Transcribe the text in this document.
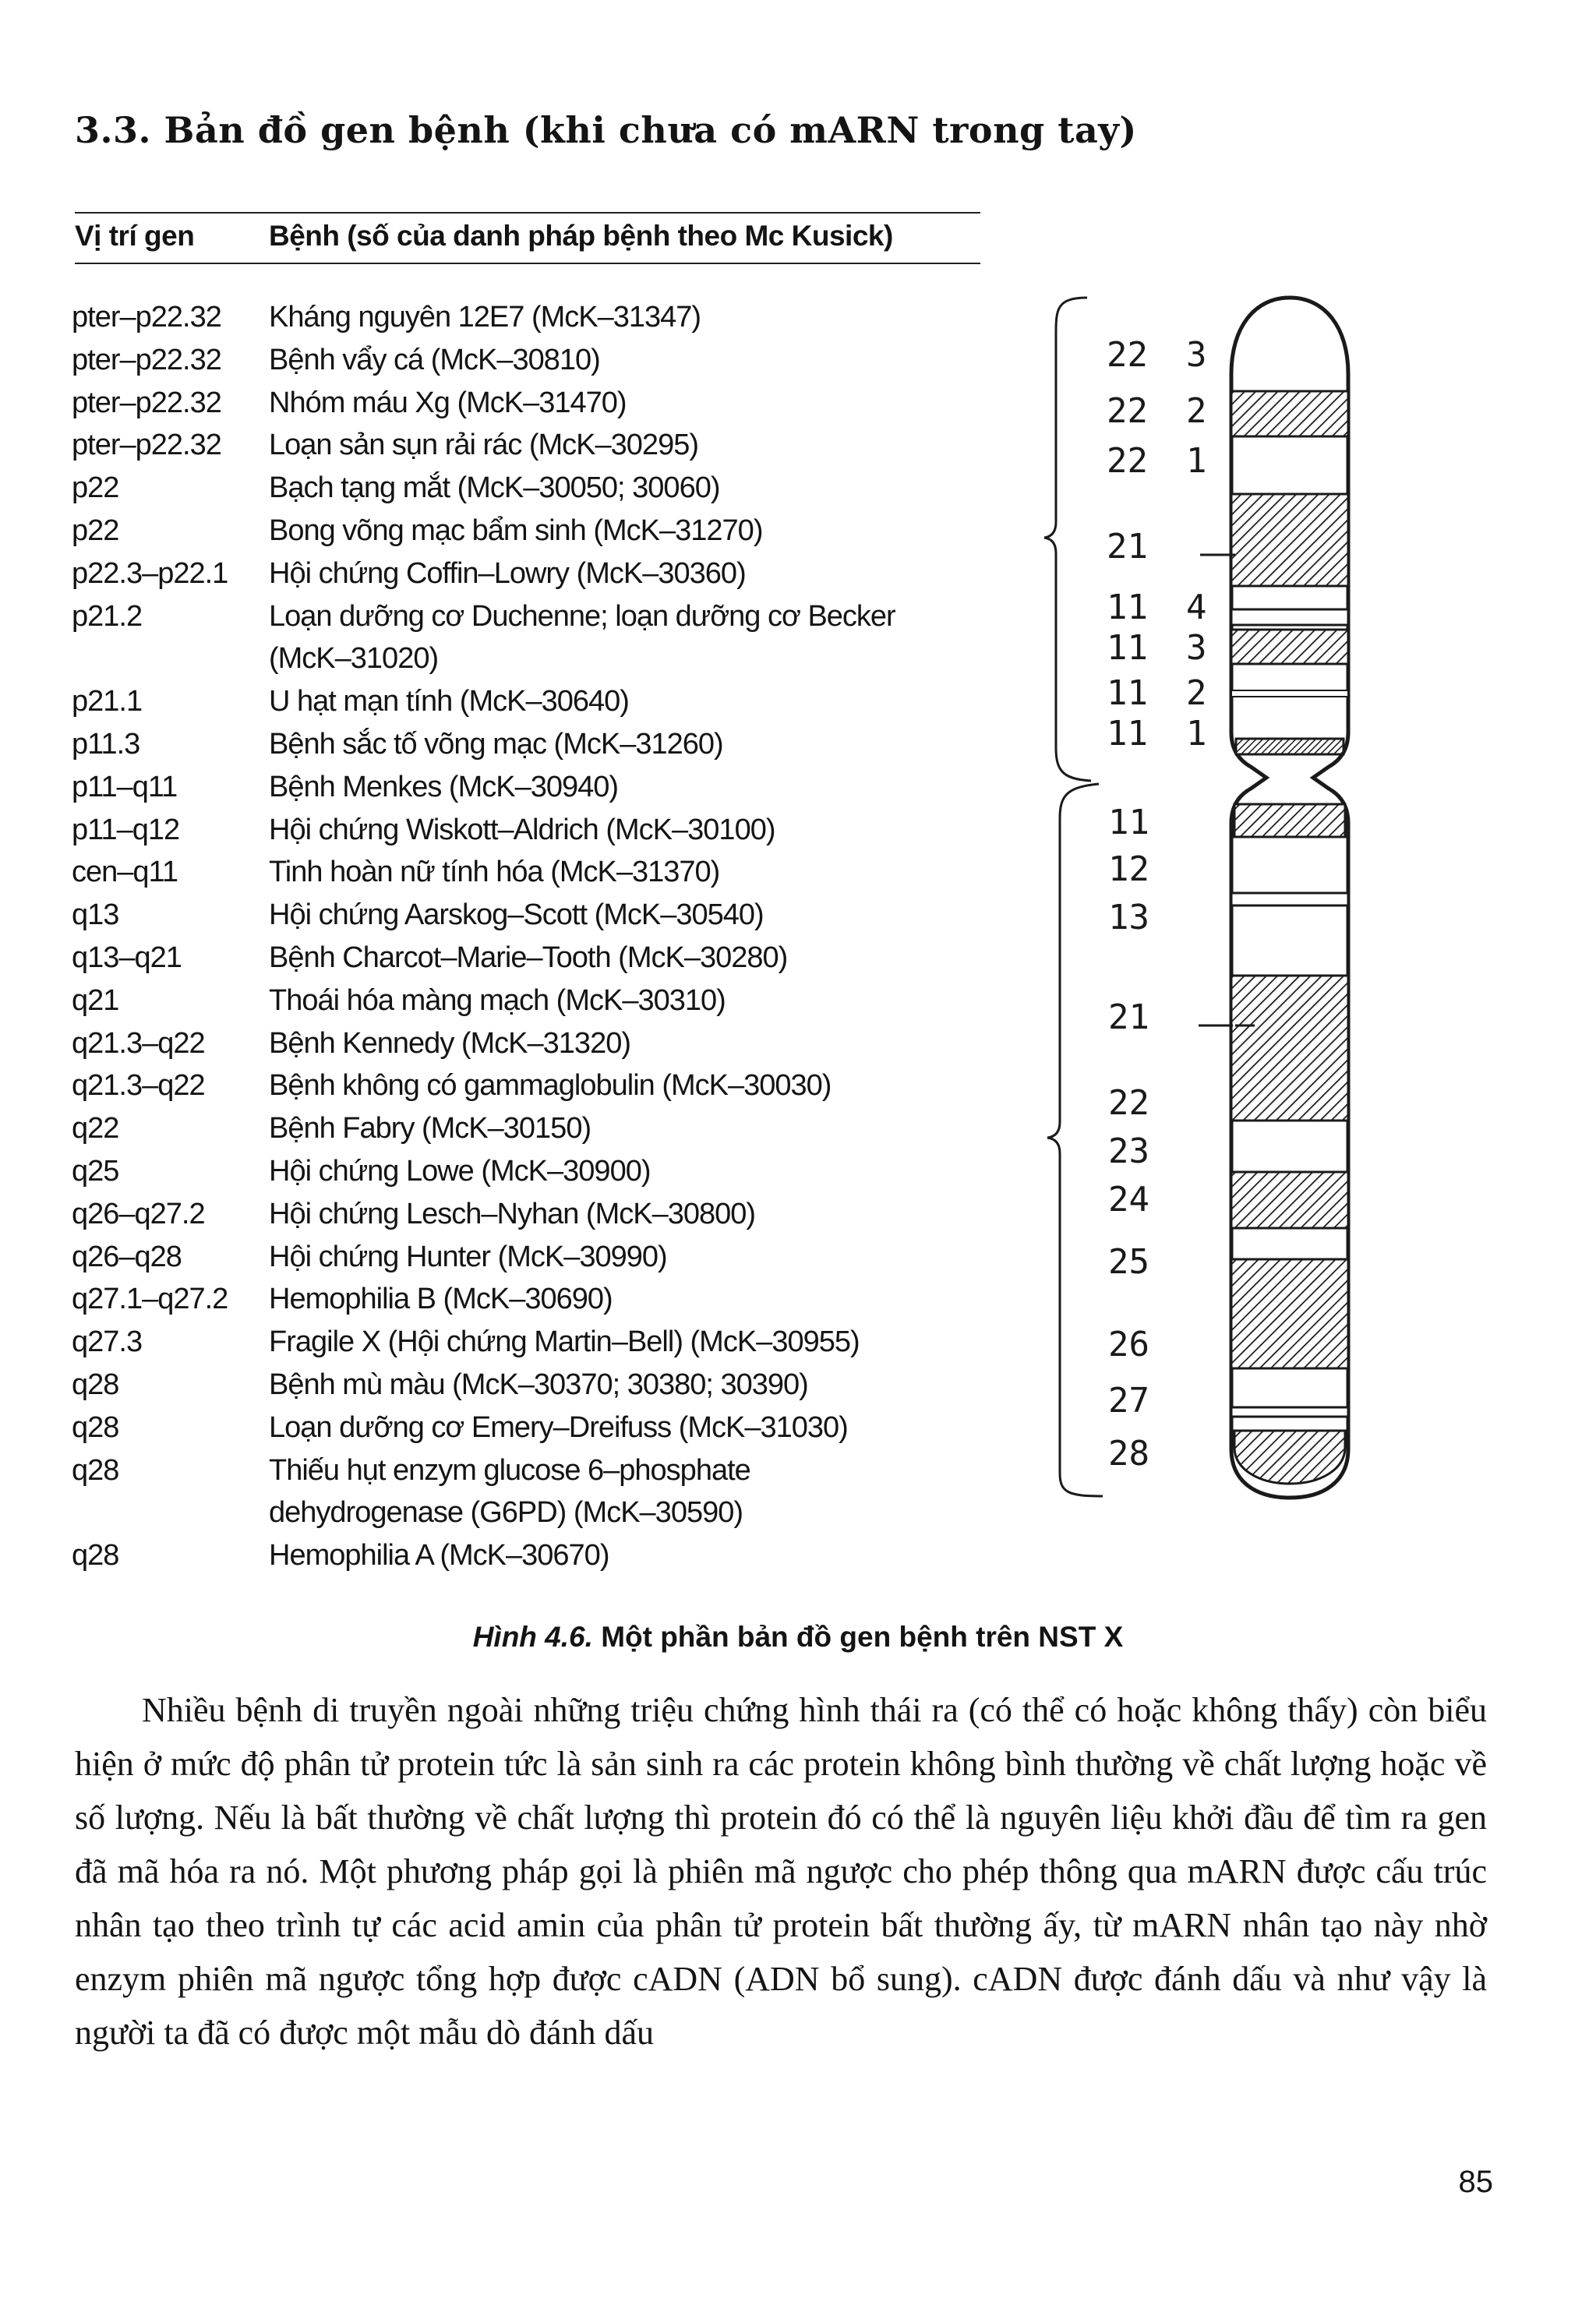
3.3. Bản đồ gen bệnh (khi chưa có mARN trong tay)
Vị trí gen	Bệnh (số của danh pháp bệnh theo Mc Kusick)
pter–p22.32 Kháng nguyên 12E7 (McK–31347)
pter–p22.32 Bệnh vẩy cá (McK–30810)
pter–p22.32 Nhóm máu Xg (McK–31470)
pter–p22.32 Loạn sản sụn rải rác (McK–30295)
p22	Bạch tạng mắt (McK–30050; 30060)
p22	Bong võng mạc bẩm sinh (McK–31270)
p22.3–p22.1 Hội chứng Coffin–Lowry (McK–30360)
p21.2	Loạn dưỡng cơ Duchenne; loạn dưỡng cơ Becker
(McK–31020)
p21.1	U hạt mạn tính (McK–30640)
p11.3	Bệnh sắc tố võng mạc (McK–31260)
p11–q11	Bệnh Menkes (McK–30940)
p11–q12	Hội chứng Wiskott–Aldrich (McK–30100)
cen–q11	Tinh hoàn nữ tính hóa (McK–31370)
q13	Hội chứng Aarskog–Scott (McK–30540)
q13–q21	Bệnh Charcot–Marie–Tooth (McK–30280)
q21	Thoái hóa màng mạch (McK–30310)
q21.3–q22 Bệnh Kennedy (McK–31320)
q21.3–q22 Bệnh không có gammaglobulin (McK–30030)
q22	Bệnh Fabry (McK–30150)
q25	Hội chứng Lowe (McK–30900)
q26–q27.2 Hội chứng Lesch–Nyhan (McK–30800)
q26–q28	Hội chứng Hunter (McK–30990)
q27.1–q27.2 Hemophilia B (McK–30690)
q27.3	Fragile X (Hội chứng Martin–Bell) (McK–30955)
q28	Bệnh mù màu (McK–30370; 30380; 30390)
q28	Loạn dưỡng cơ Emery–Dreifuss (McK–31030)
q28	Thiếu hụt enzym glucose 6–phosphate
dehydrogenase (G6PD) (McK–30590)
q28	Hemophilia A (McK–30670)
22
22
22
21
11
11
11
11
3
2
1
4
3
2
1
11
12
13
21
22
23
24
25
26
27
28
Hình 4.6. Một phần bản đồ gen bệnh trên NST X

Nhiều bệnh di truyền ngoài những triệu chứng hình thái ra (có thể có hoặc không thấy) còn biểu hiện ở mức độ phân tử protein tức là sản sinh ra các protein không bình thường về chất lượng hoặc về số lượng. Nếu là bất thường về chất lượng thì protein đó có thể là nguyên liệu khởi đầu để tìm ra gen đã mã hóa ra nó. Một phương pháp gọi là phiên mã ngược cho phép thông qua mARN được cấu trúc nhân tạo theo trình tự các acid amin của phân tử protein bất thường ấy, từ mARN nhân tạo này nhờ enzym phiên mã ngược tổng hợp được cADN (ADN bổ sung). cADN được đánh dấu và như vậy là người ta đã có được một mẫu dò đánh dấu

85
